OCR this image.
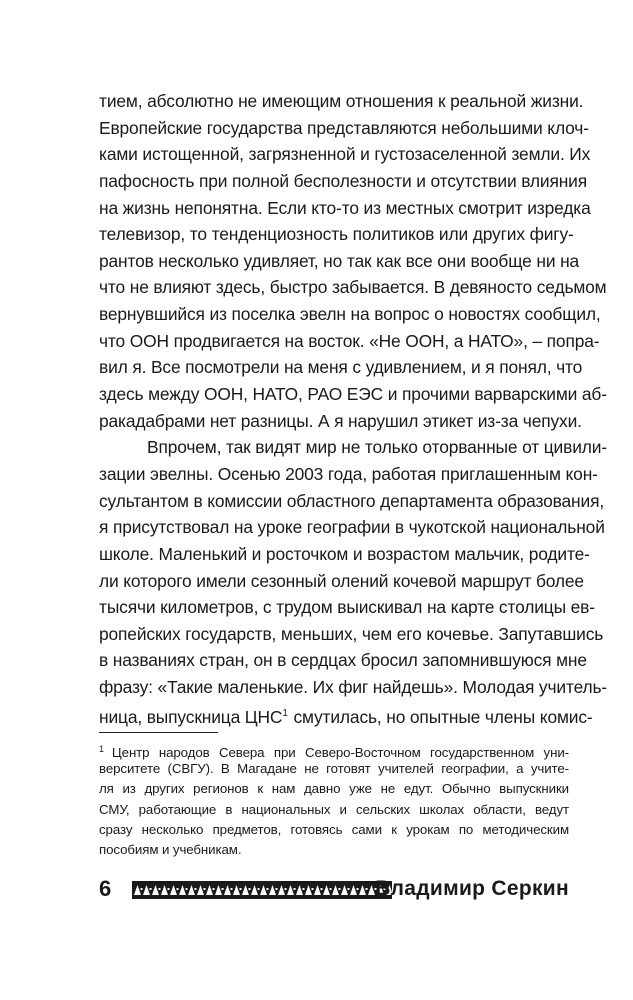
тием, абсолютно не имеющим отношения к реальной жизни.
Европейские государства представляются небольшими клоч-
ками истощенной, загрязненной и густозаселенной земли. Их
пафосность при полной бесполезности и отсутствии влияния
на жизнь непонятна. Если кто-то из местных смотрит изредка
телевизор, то тенденциозность политиков или других фигу-
рантов несколько удивляет, но так как все они вообще ни на
что не влияют здесь, быстро забывается. В девяносто седьмом
вернувшийся из поселка эвелн на вопрос о новостях сообщил,
что ООН продвигается на восток. «Не ООН, а НАТО», – попра-
вил я. Все посмотрели на меня с удивлением, и я понял, что
здесь между ООН, НАТО, РАО ЕЭС и прочими варварскими аб-
ракадабрами нет разницы. А я нарушил этикет из-за чепухи.
Впрочем, так видят мир не только оторванные от цивили-
зации эвелны. Осенью 2003 года, работая приглашенным кон-
сультантом в комиссии областного департамента образования,
я присутствовал на уроке географии в чукотской национальной
школе. Маленький и росточком и возрастом мальчик, родите-
ли которого имели сезонный олений кочевой маршрут более
тысячи километров, с трудом выискивал на карте столицы ев-
ропейских государств, меньших, чем его кочевье. Запутавшись
в названиях стран, он в сердцах бросил запомнившуюся мне
фразу: «Такие маленькие. Их фиг найдешь». Молодая учитель-
ница, выпускница ЦНС$^1$ смутилась, но опытные члены комис-
$^1$ Центр народов Севера при Северо-Восточном государственном уни-
верситете (СВГУ). В Магадане не готовят учителей географии, а учите-
ля из других регионов к нам давно уже не едут. Обычно выпускники
СМУ, работающие в национальных и сельских школах области, ведут
сразу несколько предметов, готовясь сами к урокам по методическим
пособиям и учебникам.
6	Владимир Серкин
